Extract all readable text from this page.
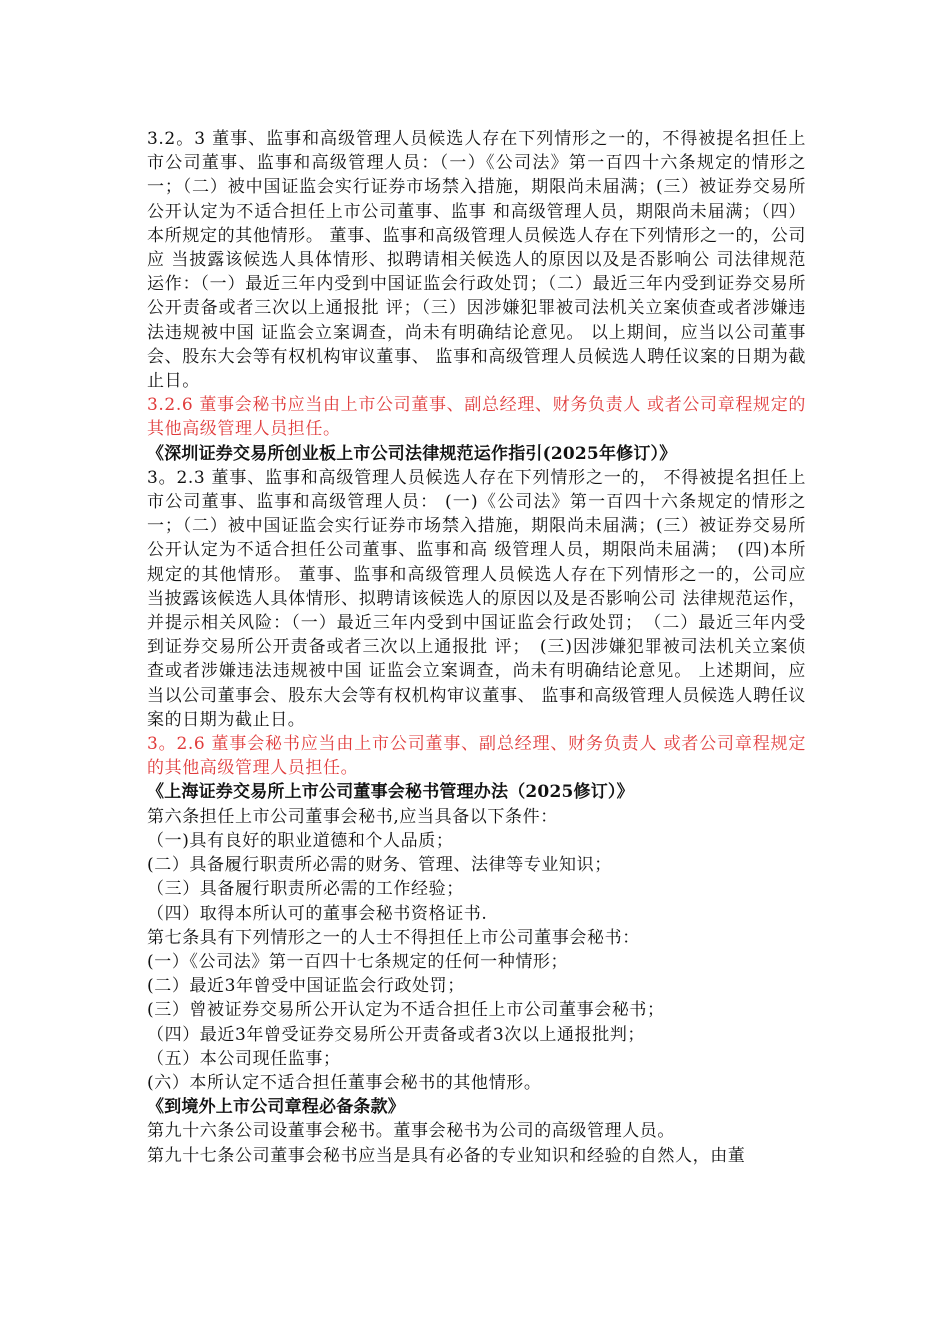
3.2。3 董事、监事和高级管理人员候选人存在下列情形之一的，不得被提名担任上市公司董事、监事和高级管理人员：（一）《公司法》第一百四十六条规定的情形之一；（二）被中国证监会实行证券市场禁入措施，期限尚未届满；(三）被证券交易所公开认定为不适合担任上市公司董事、监事 和高级管理人员，期限尚未届满；（四）本所规定的其他情形。 董事、监事和高级管理人员候选人存在下列情形之一的，公司应 当披露该候选人具体情形、拟聘请相关候选人的原因以及是否影响公 司法律规范运作：（一）最近三年内受到中国证监会行政处罚；（二）最近三年内受到证券交易所公开责备或者三次以上通报批 评；（三）因涉嫌犯罪被司法机关立案侦查或者涉嫌违法违规被中国 证监会立案调查，尚未有明确结论意见。 以上期间，应当以公司董事会、股东大会等有权机构审议董事、 监事和高级管理人员候选人聘任议案的日期为截止日。

3.2.6 董事会秘书应当由上市公司董事、副总经理、财务负责人 或者公司章程规定的其他高级管理人员担任。

《深圳证券交易所创业板上市公司法律规范运作指引(2025年修订）》

3。2.3 董事、监事和高级管理人员候选人存在下列情形之一的， 不得被提名担任上市公司董事、监事和高级管理人员： (一)《公司法》第一百四十六条规定的情形之一；（二）被中国证监会实行证券市场禁入措施，期限尚未届满；(三）被证券交易所公开认定为不适合担任公司董事、监事和高 级管理人员，期限尚未届满；　(四)本所规定的其他情形。 董事、监事和高级管理人员候选人存在下列情形之一的，公司应 当披露该候选人具体情形、拟聘请该候选人的原因以及是否影响公司 法律规范运作，并提示相关风险：（一）最近三年内受到中国证监会行政处罚；　（二）最近三年内受到证券交易所公开责备或者三次以上通报批 评；　(三)因涉嫌犯罪被司法机关立案侦查或者涉嫌违法违规被中国 证监会立案调查，尚未有明确结论意见。 上述期间，应当以公司董事会、股东大会等有权机构审议董事、 监事和高级管理人员候选人聘任议案的日期为截止日。

3。2.6 董事会秘书应当由上市公司董事、副总经理、财务负责人 或者公司章程规定的其他高级管理人员担任。

《上海证券交易所上市公司董事会秘书管理办法（2025修订）》

第六条担任上市公司董事会秘书,应当具备以下条件：

（一)具有良好的职业道德和个人品质；

(二）具备履行职责所必需的财务、管理、法律等专业知识；

（三）具备履行职责所必需的工作经验；

（四）取得本所认可的董事会秘书资格证书.

第七条具有下列情形之一的人士不得担任上市公司董事会秘书：

(一）《公司法》第一百四十七条规定的任何一种情形；

(二）最近3年曾受中国证监会行政处罚；

(三）曾被证券交易所公开认定为不适合担任上市公司董事会秘书；

（四）最近3年曾受证券交易所公开责备或者3次以上通报批判；

（五）本公司现任监事；

(六）本所认定不适合担任董事会秘书的其他情形。

《到境外上市公司章程必备条款》

第九十六条公司设董事会秘书。董事会秘书为公司的高级管理人员。

第九十七条公司董事会秘书应当是具有必备的专业知识和经验的自然人，由董
